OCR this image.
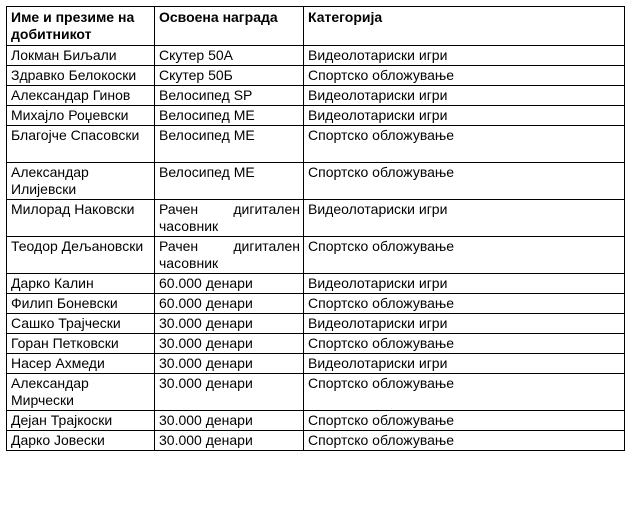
Име и презиме на добитникот	Освоена награда	Категорија
Локман Биљали	Скутер 50А	Видеолотариски игри
Здравко Белокоски	Скутер 50Б	Спортско обложување
Александар Гинов	Велосипед SP	Видеолотариски игри
Михајло Роџевски	Велосипед МЕ	Видеолотариски игри
Благојче Спасовски	Велосипед МЕ	Спортско обложување
Александар Илијевски	Велосипед МЕ	Спортско обложување
Милорад Наковски	Рачен дигитален часовник	Видеолотариски игри
Теодор Дељановски	Рачен дигитален часовник	Спортско обложување
Дарко Калин	60.000 денари	Видеолотариски игри
Филип Боневски	60.000 денари	Спортско обложување
Сашко Трајчески	30.000 денари	Видеолотариски игри
Горан Петковски	30.000 денари	Спортско обложување
Насер Ахмеди	30.000 денари	Видеолотариски игри
Александар Мирчески	30.000 денари	Спортско обложување
Дејан Трајкоски	30.000 денари	Спортско обложување
Дарко Јовески	30.000 денари	Спортско обложување
